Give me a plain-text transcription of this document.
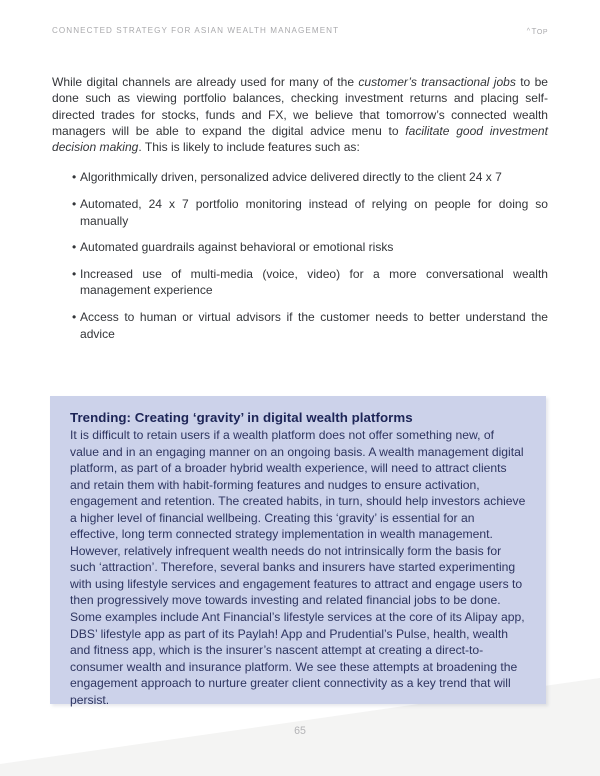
CONNECTED STRATEGY FOR ASIAN WEALTH MANAGEMENT	^ top

While digital channels are already used for many of the customer’s transactional jobs to be done such as viewing portfolio balances, checking investment returns and placing self-directed trades for stocks, funds and FX, we believe that tomorrow’s connected wealth managers will be able to expand the digital advice menu to facilitate good investment decision making. This is likely to include features such as:

• Algorithmically driven, personalized advice delivered directly to the client 24 x 7
• Automated, 24 x 7 portfolio monitoring instead of relying on people for doing so manually
• Automated guardrails against behavioral or emotional risks
• Increased use of multi-media (voice, video) for a more conversational wealth management experience
• Access to human or virtual advisors if the customer needs to better understand the advice
Trending: Creating ‘gravity’ in digital wealth platforms

It is difficult to retain users if a wealth platform does not offer something new, of value and in an engaging manner on an ongoing basis. A wealth management digital platform, as part of a broader hybrid wealth experience, will need to attract clients and retain them with habit-forming features and nudges to ensure activation, engagement and retention. The created habits, in turn, should help investors achieve a higher level of financial wellbeing. Creating this ‘gravity’ is essential for an effective, long term connected strategy implementation in wealth management. However, relatively infrequent wealth needs do not intrinsically form the basis for such ‘attraction’. Therefore, several banks and insurers have started experimenting with using lifestyle services and engagement features to attract and engage users to then progressively move towards investing and related financial jobs to be done. Some examples include Ant Financial’s lifestyle services at the core of its Alipay app, DBS’ lifestyle app as part of its Paylah! App and Prudential’s Pulse, health, wealth and fitness app, which is the insurer’s nascent attempt at creating a direct-to-consumer wealth and insurance platform. We see these attempts at broadening the engagement approach to nurture greater client connectivity as a key trend that will persist.

65
